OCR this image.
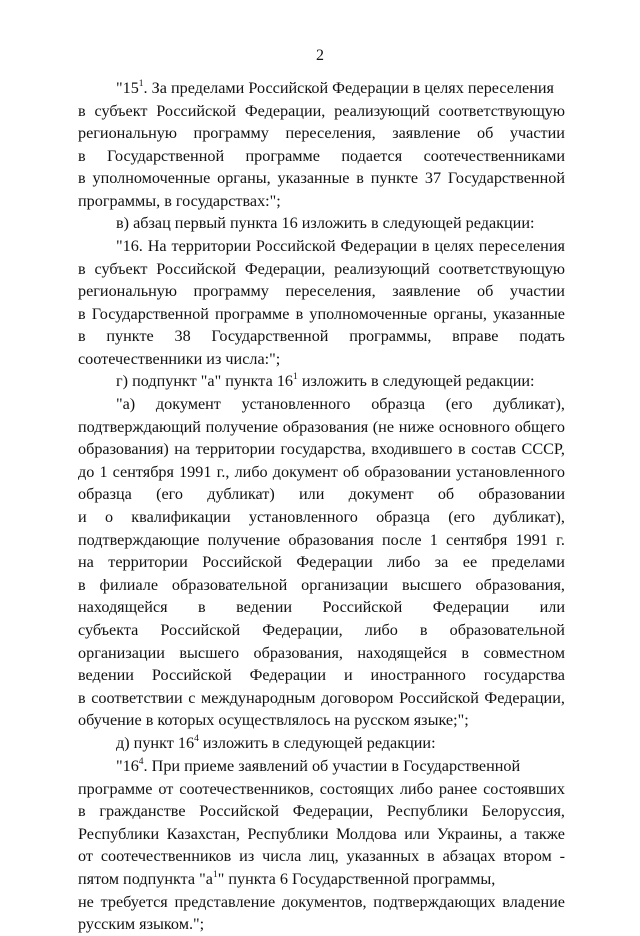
2
"$15^1$. За пределами Российской Федерации в целях переселения
в субъект Российской Федерации, реализующий соответствующую
региональную программу переселения, заявление об участии
в Государственной программе подается соотечественниками
в уполномоченные органы, указанные в пункте 37 Государственной
программы, в государствах:";
в) абзац первый пункта 16 изложить в следующей редакции:
"16. На территории Российской Федерации в целях переселения
в субъект Российской Федерации, реализующий соответствующую
региональную программу переселения, заявление об участии
в Государственной программе в уполномоченные органы, указанные
в пункте 38 Государственной программы, вправе подать
соотечественники из числа:";
г) подпункт "а" пункта $16^1$ изложить в следующей редакции:
"а) документ установленного образца (его дубликат),
подтверждающий получение образования (не ниже основного общего
образования) на территории государства, входившего в состав СССР,
до 1 сентября 1991 г., либо документ об образовании установленного
образца (его дубликат) или документ об образовании
и о квалификации установленного образца (его дубликат),
подтверждающие получение образования после 1 сентября 1991 г.
на территории Российской Федерации либо за ее пределами
в филиале образовательной организации высшего образования,
находящейся в ведении Российской Федерации или
субъекта Российской Федерации, либо в образовательной
организации высшего образования, находящейся в совместном
ведении Российской Федерации и иностранного государства
в соответствии с международным договором Российской Федерации,
обучение в которых осуществлялось на русском языке;";
д) пункт $16^4$ изложить в следующей редакции:
"$16^4$. При приеме заявлений об участии в Государственной
программе от соотечественников, состоящих либо ранее состоявших
в гражданстве Российской Федерации, Республики Белоруссия,
Республики Казахстан, Республики Молдова или Украины, а также
от соотечественников из числа лиц, указанных в абзацах втором -
пятом подпункта "$а^1$" пункта 6 Государственной программы,
не требуется представление документов, подтверждающих владение
русским языком.";
